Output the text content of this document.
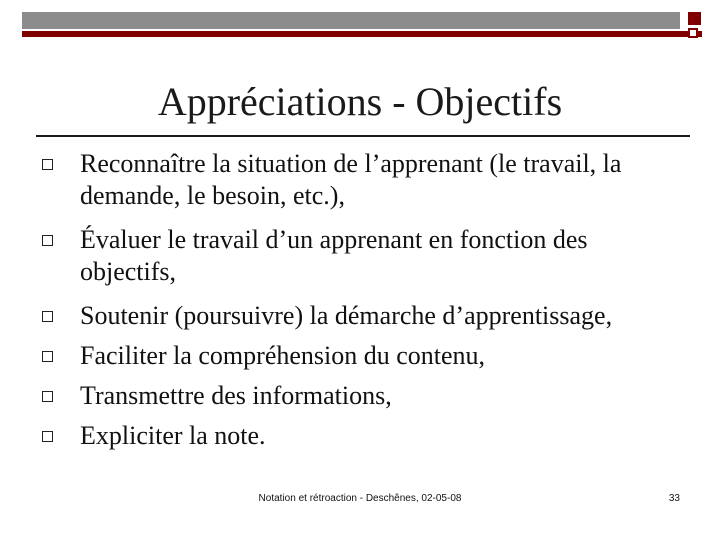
Appréciations - Objectifs
Reconnaître la situation de l’apprenant (le travail, la demande, le besoin, etc.),
Évaluer le travail d’un apprenant en fonction des objectifs,
Soutenir (poursuivre) la démarche d’apprentissage,
Faciliter la compréhension du contenu,
Transmettre des informations,
Expliciter la note.
Notation et rétroaction - Deschênes, 02-05-08	33
